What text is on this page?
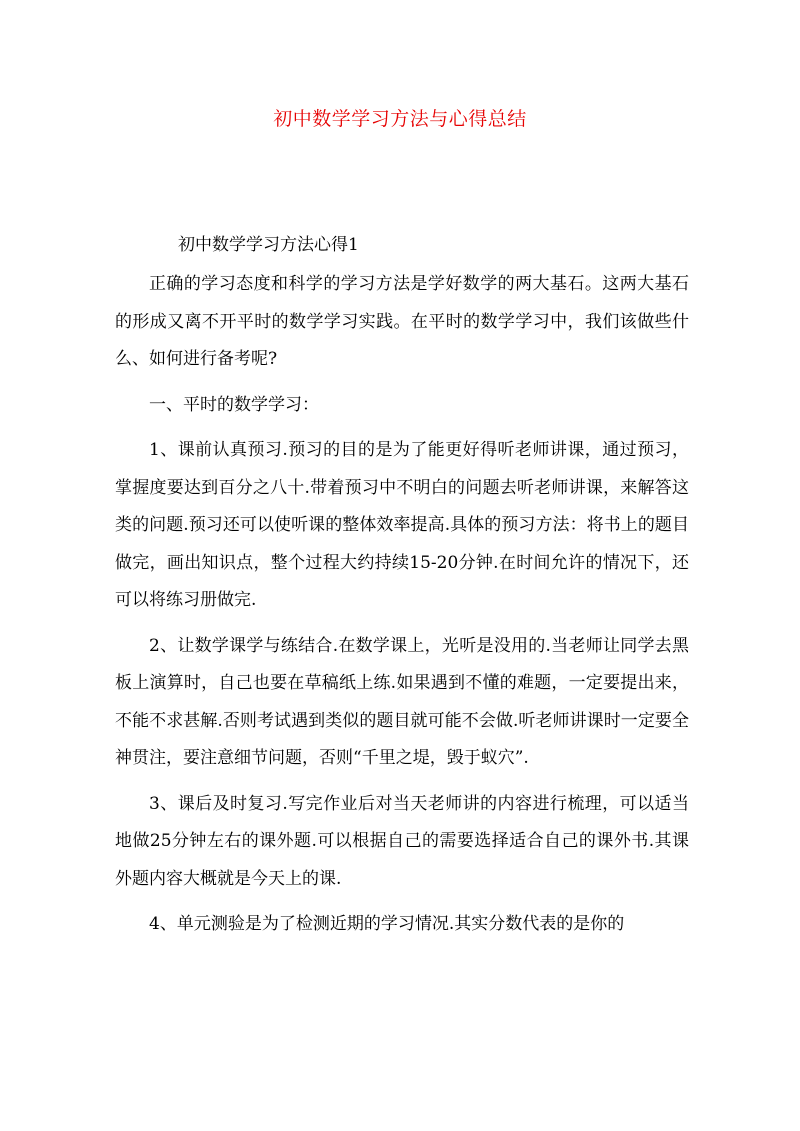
初中数学学习方法与心得总结
初中数学学习方法心得1

正确的学习态度和科学的学习方法是学好数学的两大基石。这两大基石的形成又离不开平时的数学学习实践。在平时的数学学习中，我们该做些什么、如何进行备考呢?

一、平时的数学学习：

1、课前认真预习.预习的目的是为了能更好得听老师讲课，通过预习，掌握度要达到百分之八十.带着预习中不明白的问题去听老师讲课，来解答这类的问题.预习还可以使听课的整体效率提高.具体的预习方法：将书上的题目做完，画出知识点，整个过程大约持续15-20分钟.在时间允许的情况下，还可以将练习册做完.

2、让数学课学与练结合.在数学课上，光听是没用的.当老师让同学去黑板上演算时，自己也要在草稿纸上练.如果遇到不懂的难题，一定要提出来，不能不求甚解.否则考试遇到类似的题目就可能不会做.听老师讲课时一定要全神贯注，要注意细节问题，否则“千里之堤，毁于蚁穴”.

3、课后及时复习.写完作业后对当天老师讲的内容进行梳理，可以适当地做25分钟左右的课外题.可以根据自己的需要选择适合自己的课外书.其课外题内容大概就是今天上的课.

4、单元测验是为了检测近期的学习情况.其实分数代表的是你的
